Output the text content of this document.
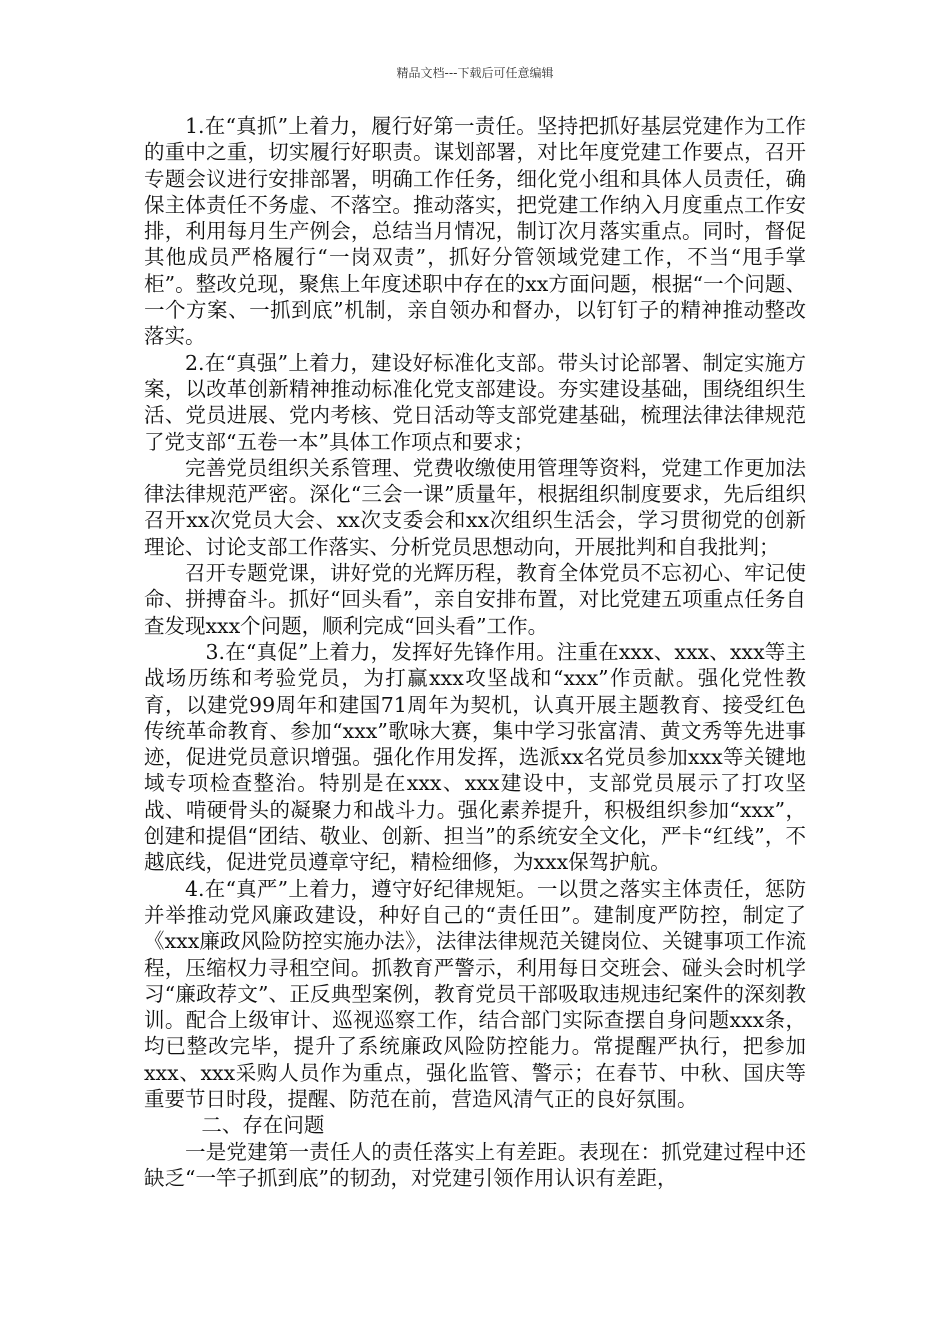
精品文档---下载后可任意编辑

1.在“真抓”上着力，履行好第一责任。坚持把抓好基层党建作为工作的重中之重，切实履行好职责。谋划部署，对比年度党建工作要点，召开专题会议进行安排部署，明确工作任务，细化党小组和具体人员责任，确保主体责任不务虚、不落空。推动落实，把党建工作纳入月度重点工作安排，利用每月生产例会，总结当月情况，制订次月落实重点。同时，督促其他成员严格履行“一岗双责”，抓好分管领域党建工作，不当“甩手掌柜”。整改兑现，聚焦上年度述职中存在的xx方面问题，根据“一个问题、一个方案、一抓到底”机制，亲自领办和督办，以钉钉子的精神推动整改落实。

2.在“真强”上着力，建设好标准化支部。带头讨论部署、制定实施方案，以改革创新精神推动标准化党支部建设。夯实建设基础，围绕组织生活、党员进展、党内考核、党日活动等支部党建基础，梳理法律法律规范了党支部“五卷一本”具体工作项点和要求；

完善党员组织关系管理、党费收缴使用管理等资料，党建工作更加法律法律规范严密。深化“三会一课”质量年，根据组织制度要求，先后组织召开xx次党员大会、xx次支委会和xx次组织生活会，学习贯彻党的创新理论、讨论支部工作落实、分析党员思想动向，开展批判和自我批判；

召开专题党课，讲好党的光辉历程，教育全体党员不忘初心、牢记使命、拼搏奋斗。抓好“回头看”，亲自安排布置，对比党建五项重点任务自查发现xxx个问题，顺利完成“回头看”工作。

3.在“真促”上着力，发挥好先锋作用。注重在xxx、xxx、xxx等主战场历练和考验党员，为打赢xxx攻坚战和“xxx”作贡献。强化党性教育，以建党99周年和建国71周年为契机，认真开展主题教育、接受红色传统革命教育、参加“xxx”歌咏大赛，集中学习张富清、黄文秀等先进事迹，促进党员意识增强。强化作用发挥，选派xx名党员参加xxx等关键地域专项检查整治。特别是在xxx、xxx建设中，支部党员展示了打攻坚战、啃硬骨头的凝聚力和战斗力。强化素养提升，积极组织参加“xxx”，创建和提倡“团结、敬业、创新、担当”的系统安全文化，严卡“红线”，不越底线，促进党员遵章守纪，精检细修，为xxx保驾护航。

4.在“真严”上着力，遵守好纪律规矩。一以贯之落实主体责任，惩防并举推动党风廉政建设，种好自己的“责任田”。建制度严防控，制定了《xxx廉政风险防控实施办法》，法律法律规范关键岗位、关键事项工作流程，压缩权力寻租空间。抓教育严警示，利用每日交班会、碰头会时机学习“廉政荐文”、正反典型案例，教育党员干部吸取违规违纪案件的深刻教训。配合上级审计、巡视巡察工作，结合部门实际查摆自身问题xxx条，均已整改完毕，提升了系统廉政风险防控能力。常提醒严执行，把参加xxx、xxx采购人员作为重点，强化监管、警示；在春节、中秋、国庆等重要节日时段，提醒、防范在前，营造风清气正的良好氛围。

二、存在问题

一是党建第一责任人的责任落实上有差距。表现在：抓党建过程中还缺乏“一竿子抓到底”的韧劲，对党建引领作用认识有差距，
